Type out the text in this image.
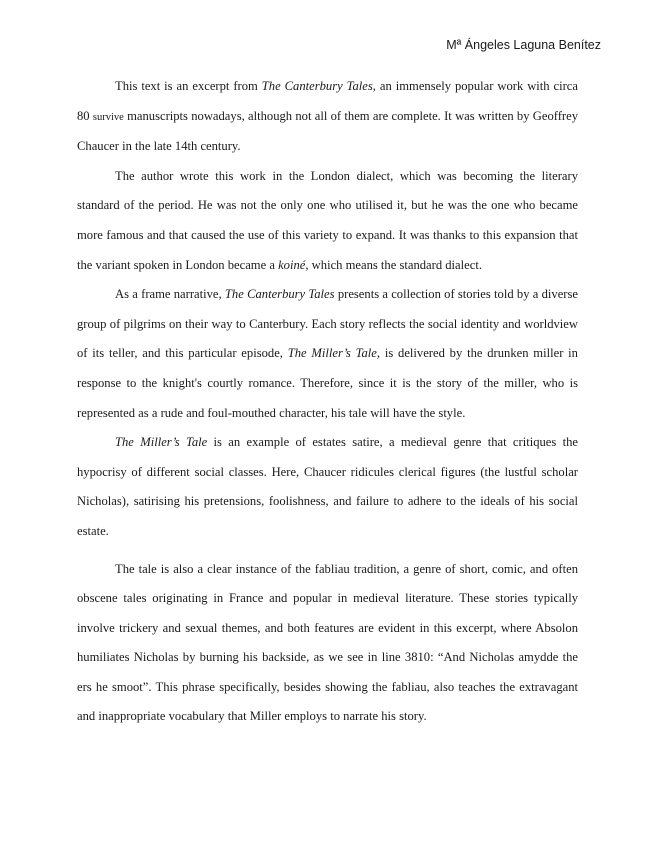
Mª Ángeles Laguna Benítez

This text is an excerpt from The Canterbury Tales, an immensely popular work with circa 80 survive manuscripts nowadays, although not all of them are complete. It was written by Geoffrey Chaucer in the late 14th century.

The author wrote this work in the London dialect, which was becoming the literary standard of the period. He was not the only one who utilised it, but he was the one who became more famous and that caused the use of this variety to expand. It was thanks to this expansion that the variant spoken in London became a koiné, which means the standard dialect.

As a frame narrative, The Canterbury Tales presents a collection of stories told by a diverse group of pilgrims on their way to Canterbury. Each story reflects the social identity and worldview of its teller, and this particular episode, The Miller’s Tale, is delivered by the drunken miller in response to the knight's courtly romance. Therefore, since it is the story of the miller, who is represented as a rude and foul-mouthed character, his tale will have the style.

The Miller’s Tale is an example of estates satire, a medieval genre that critiques the hypocrisy of different social classes. Here, Chaucer ridicules clerical figures (the lustful scholar Nicholas), satirising his pretensions, foolishness, and failure to adhere to the ideals of his social estate.

The tale is also a clear instance of the fabliau tradition, a genre of short, comic, and often obscene tales originating in France and popular in medieval literature. These stories typically involve trickery and sexual themes, and both features are evident in this excerpt, where Absolon humiliates Nicholas by burning his backside, as we see in line 3810: “And Nicholas amydde the ers he smoot”. This phrase specifically, besides showing the fabliau, also teaches the extravagant and inappropriate vocabulary that Miller employs to narrate his story.
